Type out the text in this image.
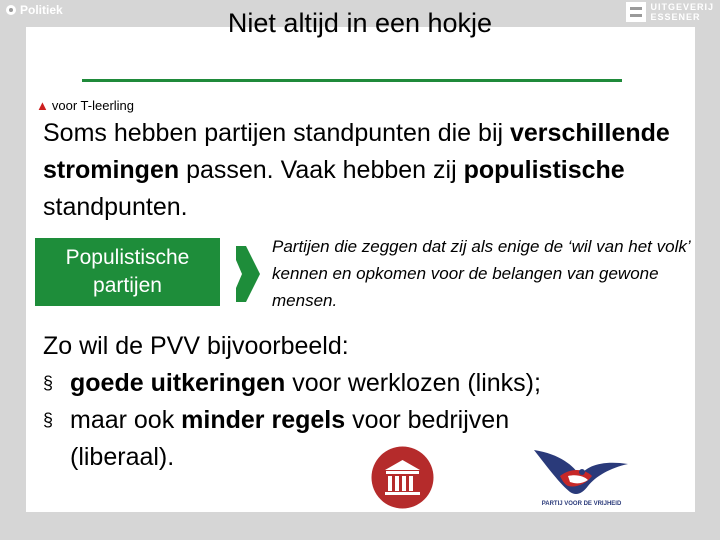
Politiek	UITGEVERIJ
ESSENER
Niet altijd in een hokje
▲ voor T-leerling
Soms hebben partijen standpunten die bij verschillende stromingen passen. Vaak hebben zij populistische standpunten.
Populistische
partijen
Partijen die zeggen dat zij als enige de ‘wil van het volk’ kennen en opkomen voor de belangen van gewone mensen.
Zo wil de PVV bijvoorbeeld:
§ goede uitkeringen voor werklozen (links);
§ maar ook minder regels voor bedrijven
(liberaal).
PARTIJ VOOR DE VRIJHEID
